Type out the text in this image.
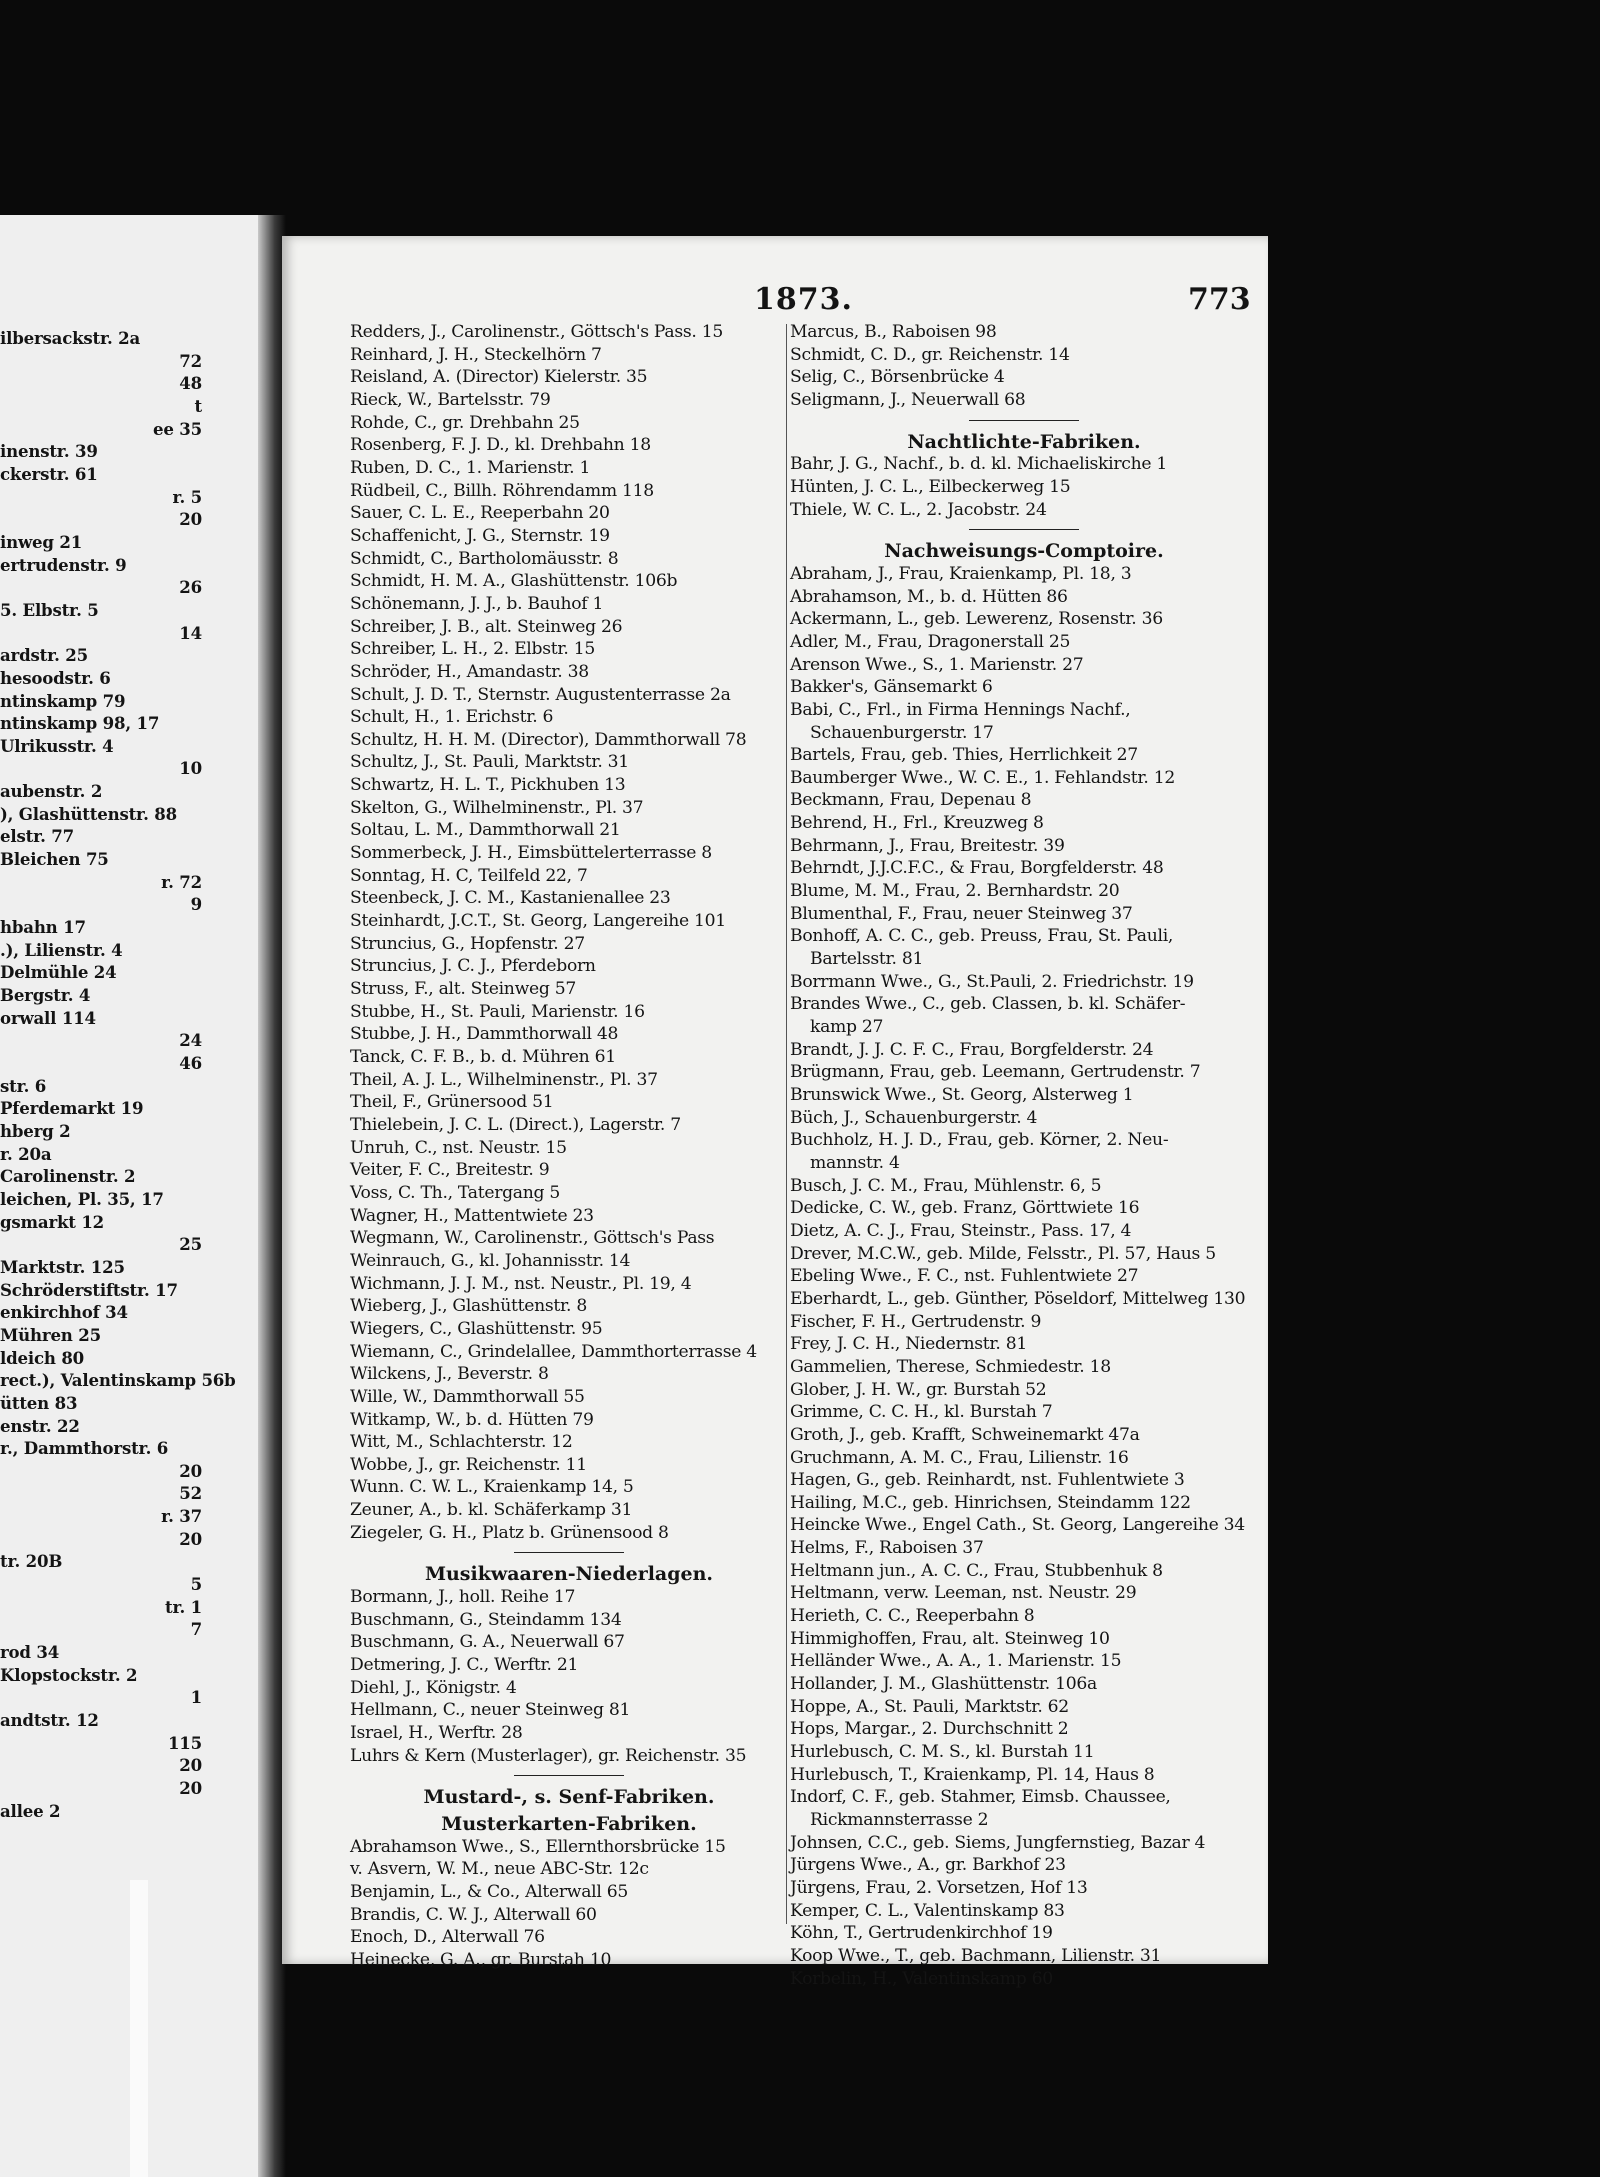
ilbersackstr. 2a
72
48
t
ee 35
inenstr. 39
ckerstr. 61
r. 5
20
inweg 21
ertrudenstr. 9
26
5. Elbstr. 5
14
ardstr. 25
hesoodstr. 6
ntinskamp 79
ntinskamp 98, 17
Ulrikusstr. 4
10
aubenstr. 2
), Glashüttenstr. 88
elstr. 77
Bleichen 75
r. 72
9
hbahn 17
.), Lilienstr. 4
Delmühle 24
Bergstr. 4
orwall 114
24
46
str. 6
Pferdemarkt 19
hberg 2
r. 20a
Carolinenstr. 2
leichen, Pl. 35, 17
gsmarkt 12
25
Marktstr. 125
Schröderstiftstr. 17
enkirchhof 34
Mühren 25
ldeich 80
rect.), Valentinskamp 56b
ütten 83
enstr. 22
r., Dammthorstr. 6
20
52
r. 37
20
tr. 20B
5
tr. 1
7
rod 34
Klopstockstr. 2
1
andtstr. 12
115
20
20
allee 2
1873.	773
Redders, J., Carolinenstr., Göttsch's Pass. 15
Reinhard, J. H., Steckelhörn 7
Reisland, A. (Director) Kielerstr. 35
Rieck, W., Bartelsstr. 79
Rohde, C., gr. Drehbahn 25
Rosenberg, F. J. D., kl. Drehbahn 18
Ruben, D. C., 1. Marienstr. 1
Rüdbeil, C., Billh. Röhrendamm 118
Sauer, C. L. E., Reeperbahn 20
Schaffenicht, J. G., Sternstr. 19
Schmidt, C., Bartholomäusstr. 8
Schmidt, H. M. A., Glashüttenstr. 106b
Schönemann, J. J., b. Bauhof 1
Schreiber, J. B., alt. Steinweg 26
Schreiber, L. H., 2. Elbstr. 15
Schröder, H., Amandastr. 38
Schult, J. D. T., Sternstr. Augustenterrasse 2a
Schult, H., 1. Erichstr. 6
Schultz, H. H. M. (Director), Dammthorwall 78
Schultz, J., St. Pauli, Marktstr. 31
Schwartz, H. L. T., Pickhuben 13
Skelton, G., Wilhelminenstr., Pl. 37
Soltau, L. M., Dammthorwall 21
Sommerbeck, J. H., Eimsbüttelerterrasse 8
Sonntag, H. C, Teilfeld 22, 7
Steenbeck, J. C. M., Kastanienallee 23
Steinhardt, J.C.T., St. Georg, Langereihe 101
Struncius, G., Hopfenstr. 27
Struncius, J. C. J., Pferdeborn
Struss, F., alt. Steinweg 57
Stubbe, H., St. Pauli, Marienstr. 16
Stubbe, J. H., Dammthorwall 48
Tanck, C. F. B., b. d. Mühren 61
Theil, A. J. L., Wilhelminenstr., Pl. 37
Theil, F., Grünersood 51
Thielebein, J. C. L. (Direct.), Lagerstr. 7
Unruh, C., nst. Neustr. 15
Veiter, F. C., Breitestr. 9
Voss, C. Th., Tatergang 5
Wagner, H., Mattentwiete 23
Wegmann, W., Carolinenstr., Göttsch's Pass
Weinrauch, G., kl. Johannisstr. 14
Wichmann, J. J. M., nst. Neustr., Pl. 19, 4
Wieberg, J., Glashüttenstr. 8
Wiegers, C., Glashüttenstr. 95
Wiemann, C., Grindelallee, Dammthorterrasse 4
Wilckens, J., Beverstr. 8
Wille, W., Dammthorwall 55
Witkamp, W., b. d. Hütten 79
Witt, M., Schlachterstr. 12
Wobbe, J., gr. Reichenstr. 11
Wunn. C. W. L., Kraienkamp 14, 5
Zeuner, A., b. kl. Schäferkamp 31
Ziegeler, G. H., Platz b. Grünensood 8
Musikwaaren-Niederlagen.
Bormann, J., holl. Reihe 17
Buschmann, G., Steindamm 134
Buschmann, G. A., Neuerwall 67
Detmering, J. C., Werftr. 21
Diehl, J., Königstr. 4
Hellmann, C., neuer Steinweg 81
Israel, H., Werftr. 28
Luhrs & Kern (Musterlager), gr. Reichenstr. 35
Mustard-, s. Senf-Fabriken.
Musterkarten-Fabriken.
Abrahamson Wwe., S., Ellernthorsbrücke 15
v. Asvern, W. M., neue ABC-Str. 12c
Benjamin, L., & Co., Alterwall 65
Brandis, C. W. J., Alterwall 60
Enoch, D., Alterwall 76
Heinecke, G. A., gr. Burstah 10
Marcus, B., Raboisen 98
Schmidt, C. D., gr. Reichenstr. 14
Selig, C., Börsenbrücke 4
Seligmann, J., Neuerwall 68
Nachtlichte-Fabriken.
Bahr, J. G., Nachf., b. d. kl. Michaeliskirche 1
Hünten, J. C. L., Eilbeckerweg 15
Thiele, W. C. L., 2. Jacobstr. 24
Nachweisungs-Comptoire.
Abraham, J., Frau, Kraienkamp, Pl. 18, 3
Abrahamson, M., b. d. Hütten 86
Ackermann, L., geb. Lewerenz, Rosenstr. 36
Adler, M., Frau, Dragonerstall 25
Arenson Wwe., S., 1. Marienstr. 27
Bakker's, Gänsemarkt 6
Babi, C., Frl., in Firma Hennings Nachf.,
Schauenburgerstr. 17
Bartels, Frau, geb. Thies, Herrlichkeit 27
Baumberger Wwe., W. C. E., 1. Fehlandstr. 12
Beckmann, Frau, Depenau 8
Behrend, H., Frl., Kreuzweg 8
Behrmann, J., Frau, Breitestr. 39
Behrndt, J.J.C.F.C., & Frau, Borgfelderstr. 48
Blume, M. M., Frau, 2. Bernhardstr. 20
Blumenthal, F., Frau, neuer Steinweg 37
Bonhoff, A. C. C., geb. Preuss, Frau, St. Pauli,
Bartelsstr. 81
Borrmann Wwe., G., St.Pauli, 2. Friedrichstr. 19
Brandes Wwe., C., geb. Classen, b. kl. Schäfer-
kamp 27
Brandt, J. J. C. F. C., Frau, Borgfelderstr. 24
Brügmann, Frau, geb. Leemann, Gertrudenstr. 7
Brunswick Wwe., St. Georg, Alsterweg 1
Büch, J., Schauenburgerstr. 4
Buchholz, H. J. D., Frau, geb. Körner, 2. Neu-
mannstr. 4
Busch, J. C. M., Frau, Mühlenstr. 6, 5
Dedicke, C. W., geb. Franz, Görttwiete 16
Dietz, A. C. J., Frau, Steinstr., Pass. 17, 4
Drever, M.C.W., geb. Milde, Felsstr., Pl. 57, Haus 5
Ebeling Wwe., F. C., nst. Fuhlentwiete 27
Eberhardt, L., geb. Günther, Pöseldorf, Mittelweg 130
Fischer, F. H., Gertrudenstr. 9
Frey, J. C. H., Niedernstr. 81
Gammelien, Therese, Schmiedestr. 18
Glober, J. H. W., gr. Burstah 52
Grimme, C. C. H., kl. Burstah 7
Groth, J., geb. Krafft, Schweinemarkt 47a
Gruchmann, A. M. C., Frau, Lilienstr. 16
Hagen, G., geb. Reinhardt, nst. Fuhlentwiete 3
Hailing, M.C., geb. Hinrichsen, Steindamm 122
Heincke Wwe., Engel Cath., St. Georg, Langereihe 34
Helms, F., Raboisen 37
Heltmann jun., A. C. C., Frau, Stubbenhuk 8
Heltmann, verw. Leeman, nst. Neustr. 29
Herieth, C. C., Reeperbahn 8
Himmighoffen, Frau, alt. Steinweg 10
Helländer Wwe., A. A., 1. Marienstr. 15
Hollander, J. M., Glashüttenstr. 106a
Hoppe, A., St. Pauli, Marktstr. 62
Hops, Margar., 2. Durchschnitt 2
Hurlebusch, C. M. S., kl. Burstah 11
Hurlebusch, T., Kraienkamp, Pl. 14, Haus 8
Indorf, C. F., geb. Stahmer, Eimsb. Chaussee,
Rickmannsterrasse 2
Johnsen, C.C., geb. Siems, Jungfernstieg, Bazar 4
Jürgens Wwe., A., gr. Barkhof 23
Jürgens, Frau, 2. Vorsetzen, Hof 13
Kemper, C. L., Valentinskamp 83
Köhn, T., Gertrudenkirchhof 19
Koop Wwe., T., geb. Bachmann, Lilienstr. 31
Korbelin, H., Valentinskamp 60
